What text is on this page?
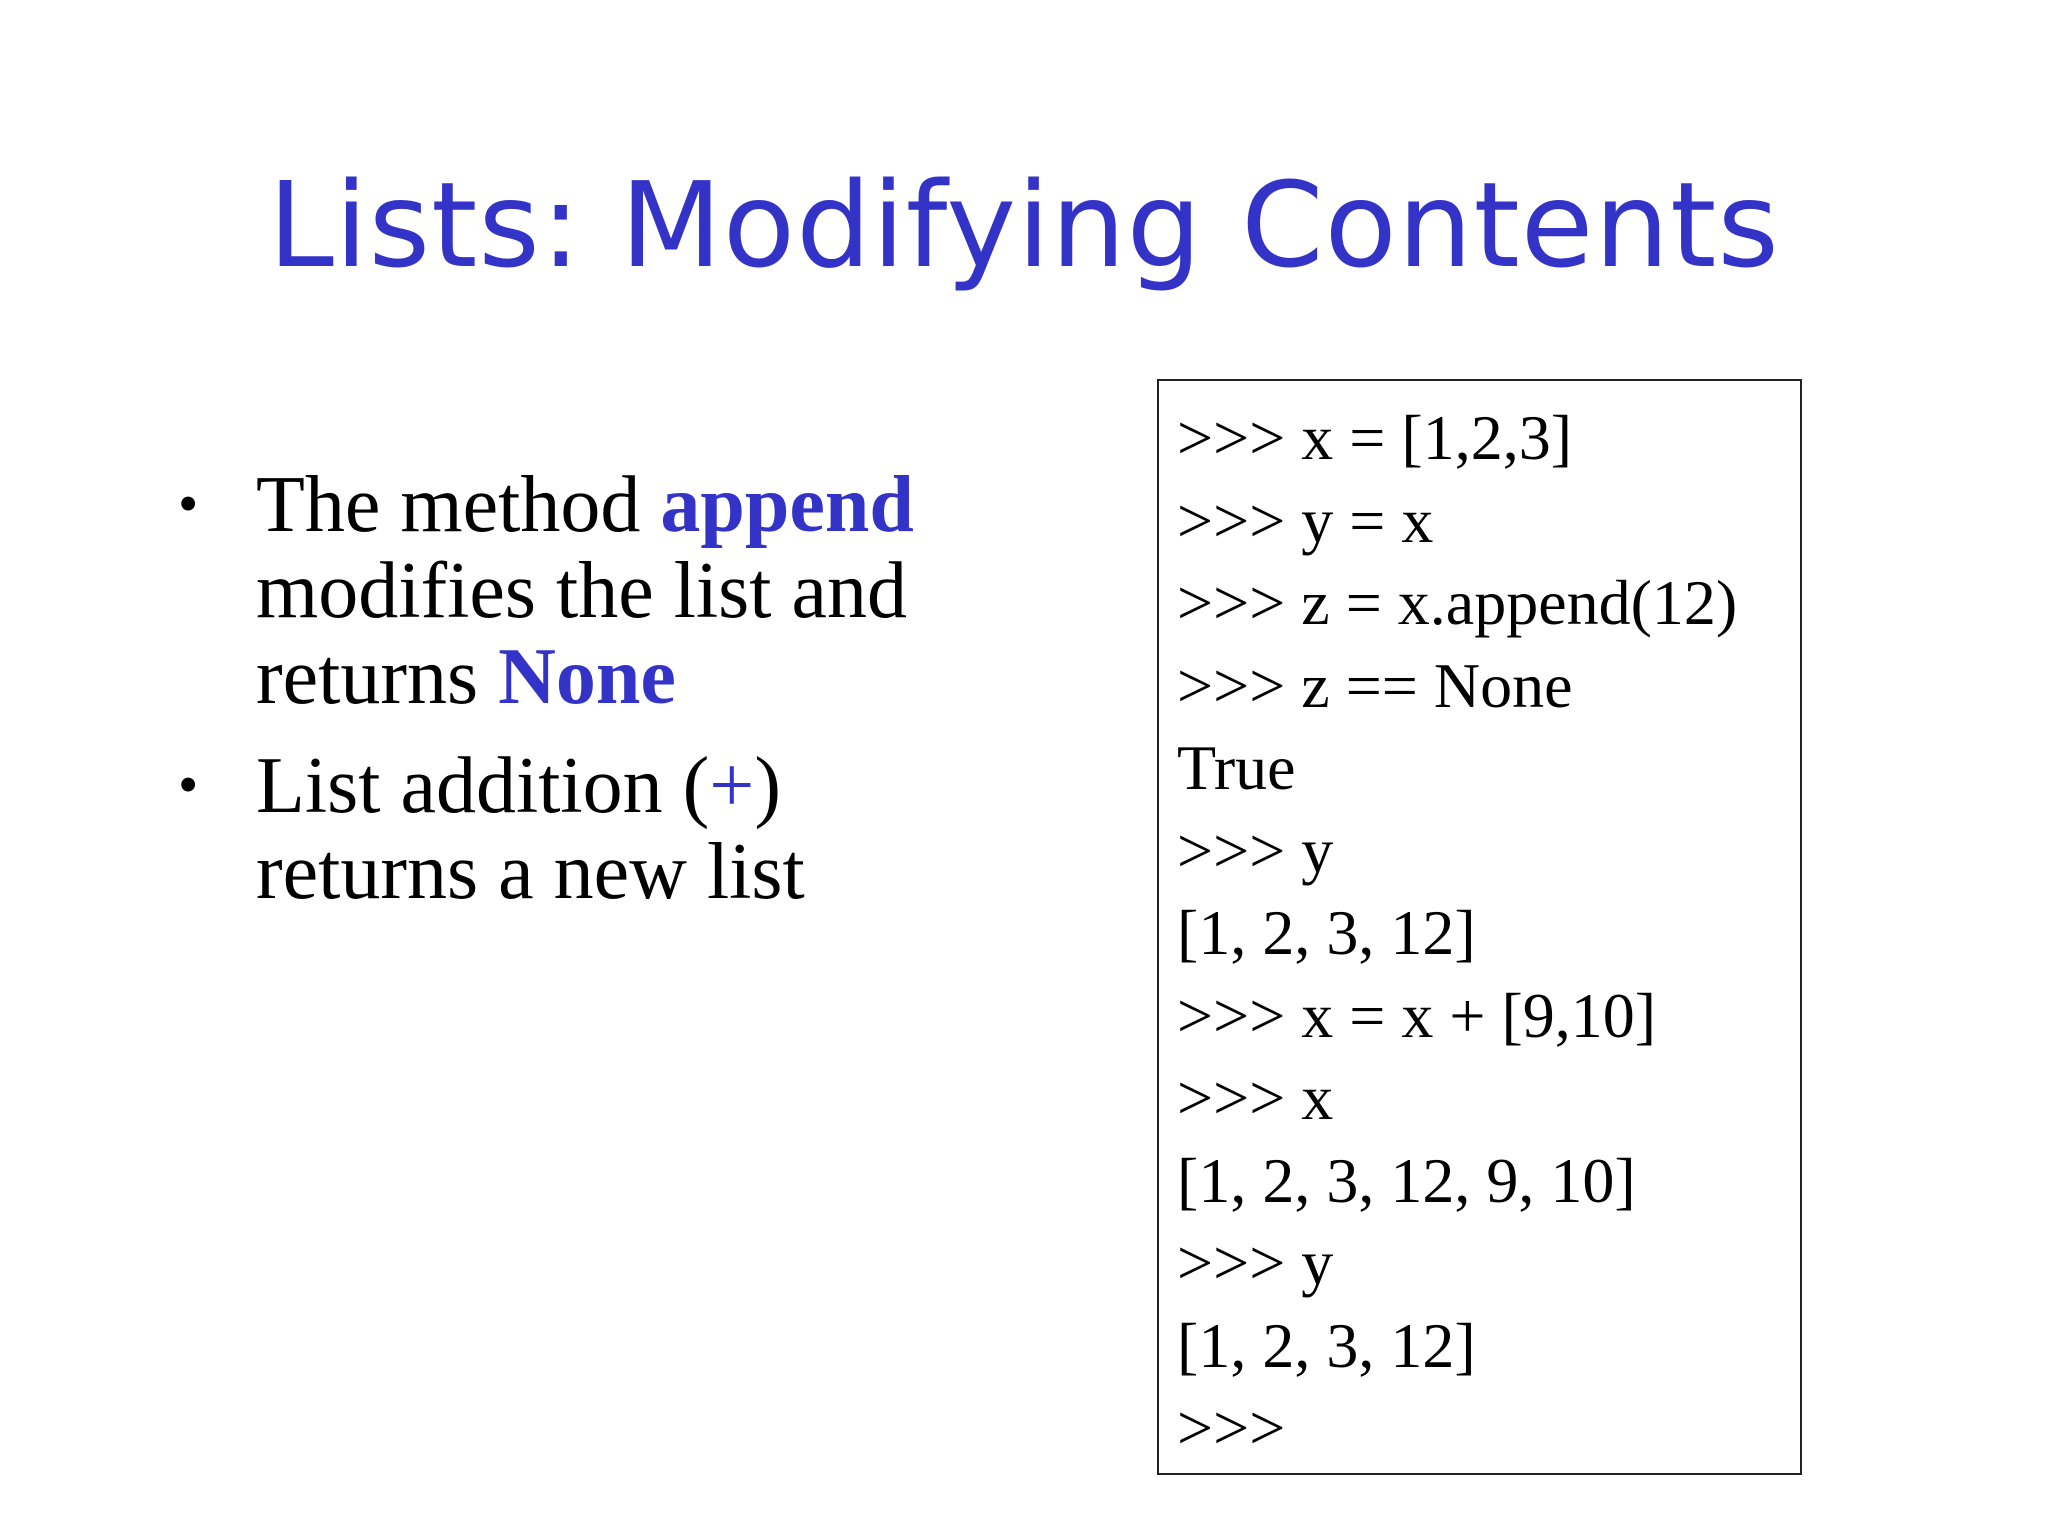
Lists: Modifying Contents
• The method append modifies the list and returns None
• List addition (+) returns a new list
>>> x = [1,2,3]
>>> y = x
>>> z = x.append(12)
>>> z == None
True
>>> y
[1, 2, 3, 12]
>>> x = x + [9,10]
>>> x
[1, 2, 3, 12, 9, 10]
>>> y
[1, 2, 3, 12]
>>>
